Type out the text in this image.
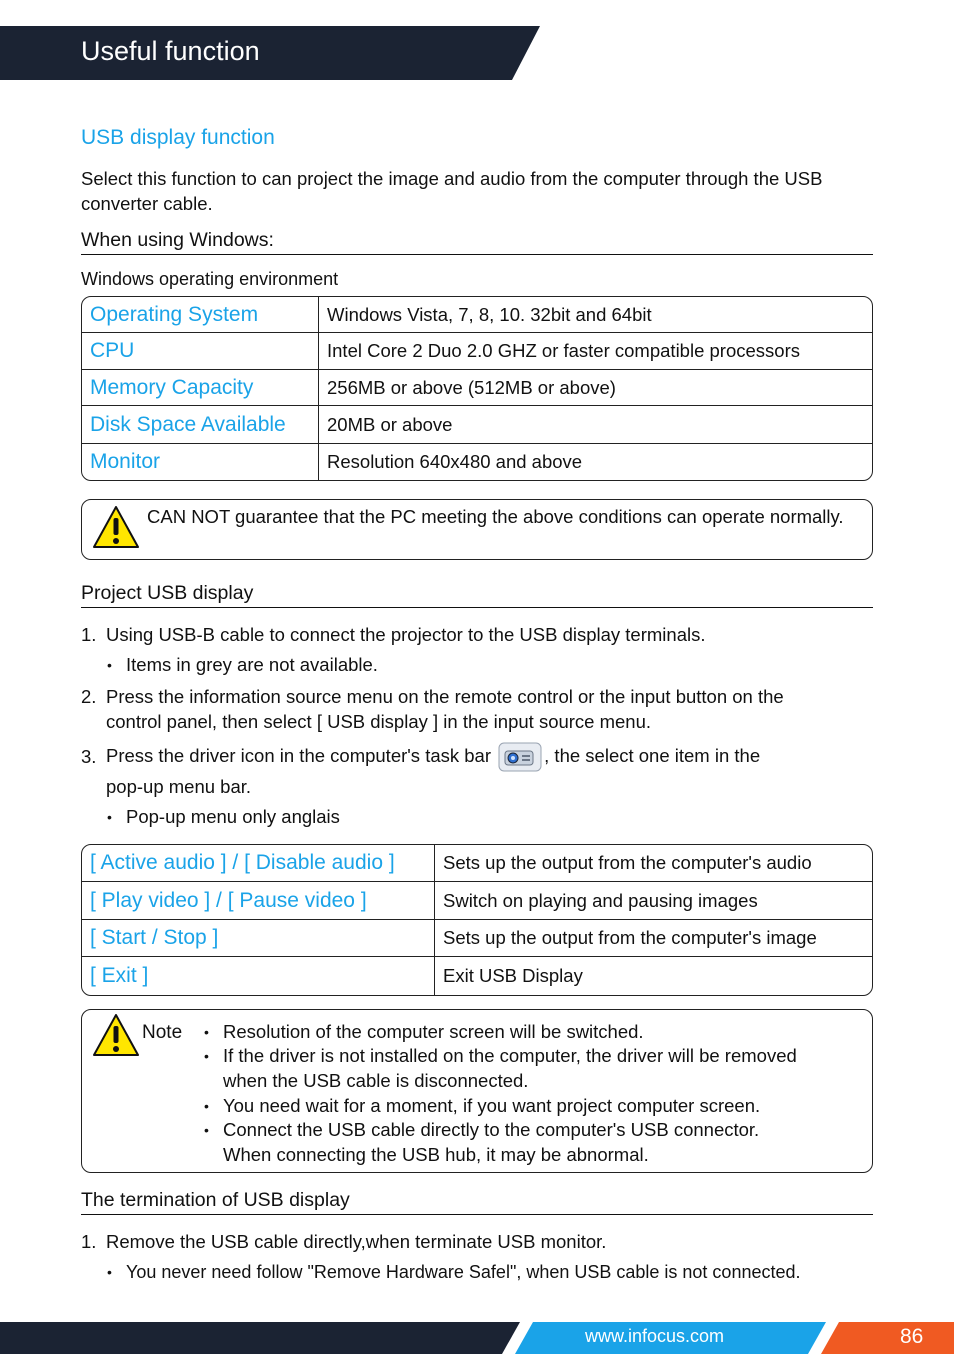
Useful function
USB display function
Select this function to can project the image and audio from the computer through the USB converter cable.
When using Windows:
Windows operating environment
Operating System	Windows Vista, 7, 8, 10. 32bit and 64bit
CPU	Intel Core 2 Duo 2.0 GHZ or faster compatible processors
Memory Capacity	256MB or above (512MB or above)
Disk Space Available	20MB or above
Monitor	Resolution 640x480 and above
CAN NOT guarantee that the PC meeting the above conditions can operate normally.
Project USB display
1. Using USB-B cable to connect the projector to the USB display terminals.
• Items in grey are not available.
2. Press the information source menu on the remote control or the input button on the
control panel, then select [ USB display ] in the input source menu.
3. Press the driver icon in the computer's task bar	, the select one item in the
pop-up menu bar.
• Pop-up menu only anglais
[ Active audio ] / [ Disable audio ]	Sets up the output from the computer's audio
[ Play video ] / [ Pause video ]	Switch on playing and pausing images
[ Start / Stop ]	Sets up the output from the computer's image
[ Exit ]	Exit USB Display
Note • Resolution of the computer screen will be switched.
• If the driver is not installed on the computer, the driver will be removed
when the USB cable is disconnected.
• You need wait for a moment, if you want project computer screen.
• Connect the USB cable directly to the computer's USB connector.
When connecting the USB hub, it may be abnormal.
The termination of USB display
1. Remove the USB cable directly,when terminate USB monitor.
• You never need follow "Remove Hardware Safel", when USB cable is not connected.
www.infocus.com	86
